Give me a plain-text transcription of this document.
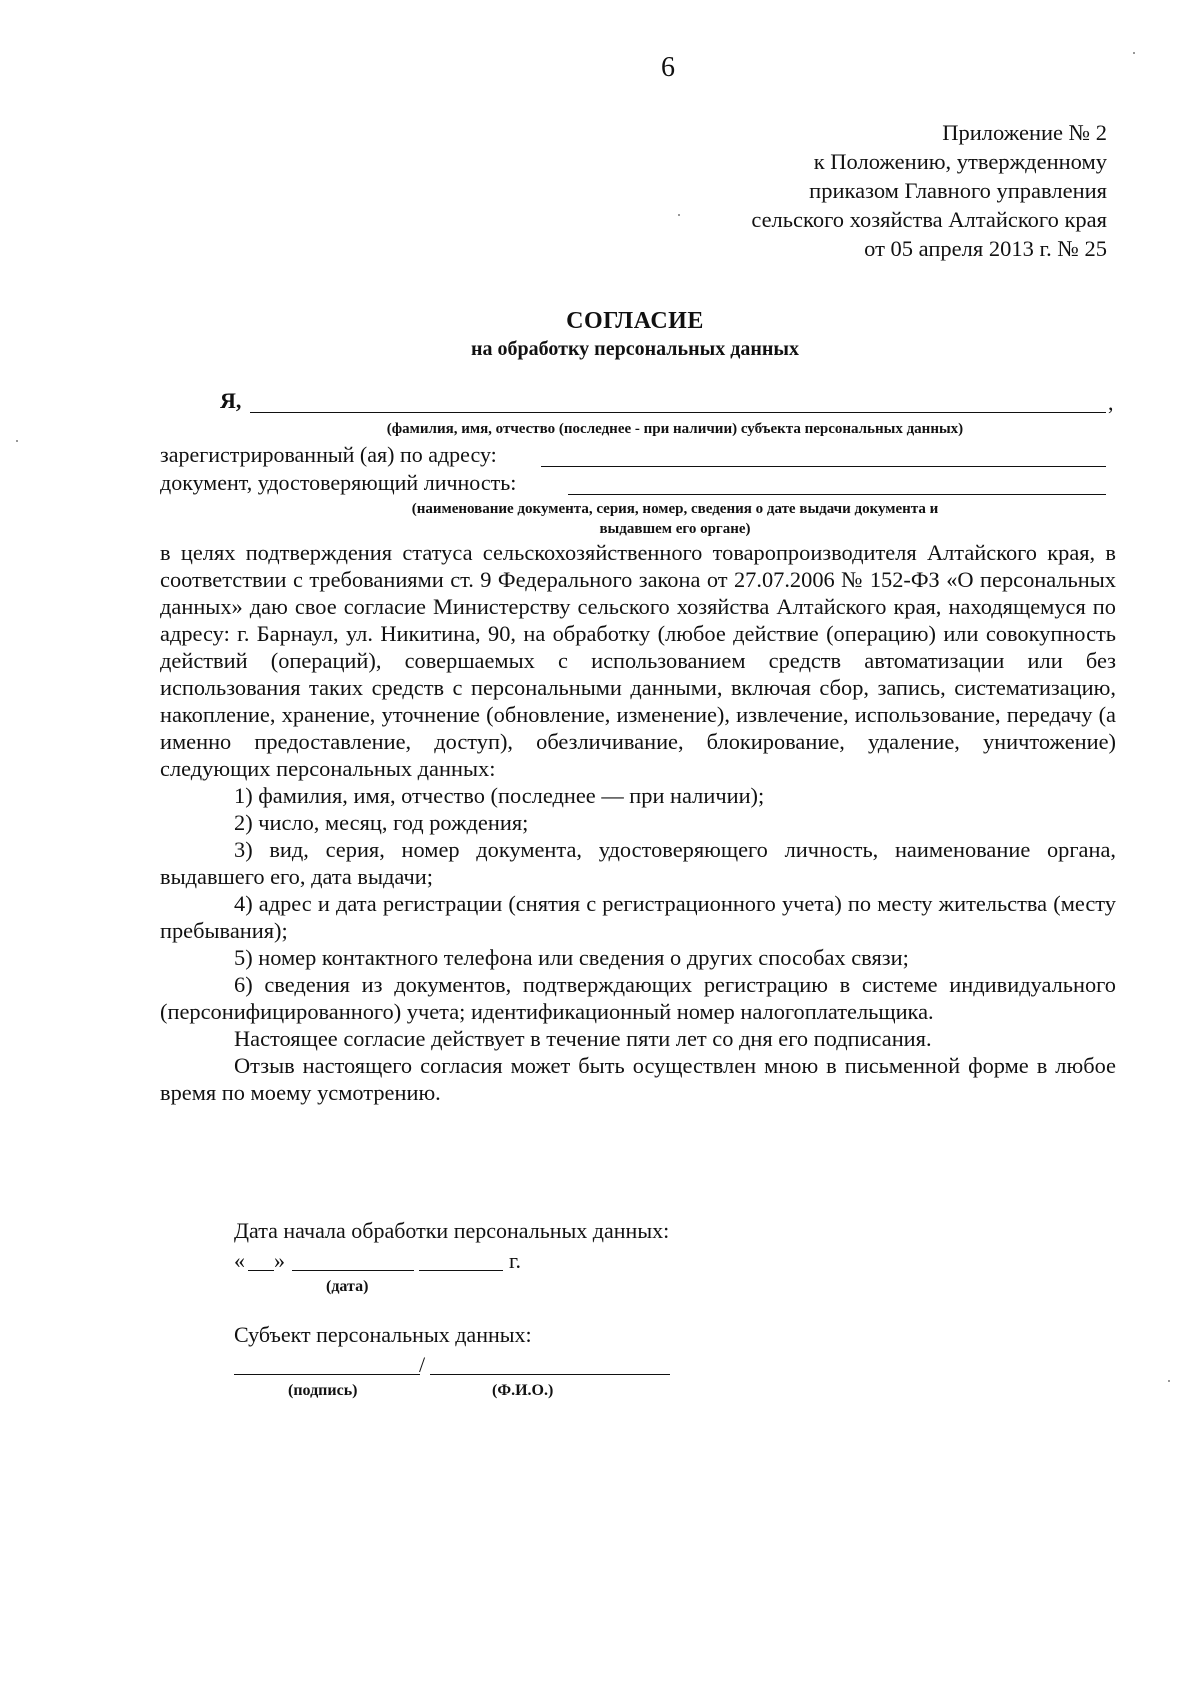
6
Приложение № 2
к Положению, утвержденному
приказом Главного управления
сельского хозяйства Алтайского края
от 05 апреля 2013 г. № 25
СОГЛАСИЕ
на обработку персональных данных
Я,	,
(фамилия, имя, отчество (последнее - при наличии) субъекта персональных данных)
зарегистрированный (ая) по адресу:
документ, удостоверяющий личность:
(наименование документа, серия, номер, сведения о дате выдачи документа и
выдавшем его органе)

в целях подтверждения статуса сельскохозяйственного товаропроизводителя Алтайского края, в соответствии с требованиями ст. 9 Федерального закона от 27.07.2006 № 152-ФЗ «О персональных данных» даю свое согласие Министерству сельского хозяйства Алтайского края, находящемуся по адресу: г. Барнаул, ул. Никитина, 90, на обработку (любое действие (операцию) или совокупность действий (операций), совершаемых с использованием средств автоматизации или без использования таких средств с персональными данными, включая сбор, запись, систематизацию, накопление, хранение, уточнение (обновление, изменение), извлечение, использование, передачу (а именно предоставление, доступ), обезличивание, блокирование, удаление, уничтожение) следующих персональных данных:

1) фамилия, имя, отчество (последнее — при наличии);

2) число, месяц, год рождения;

3) вид, серия, номер документа, удостоверяющего личность, наименование органа, выдавшего его, дата выдачи;

4) адрес и дата регистрации (снятия с регистрационного учета) по месту жительства (месту пребывания);

5) номер контактного телефона или сведения о других способах связи;

6) сведения из документов, подтверждающих регистрацию в системе индивидуального (персонифицированного) учета; идентификационный номер налогоплательщика.

Настоящее согласие действует в течение пяти лет со дня его подписания.

Отзыв настоящего согласия может быть осуществлен мною в письменной форме в любое время по моему усмотрению.

Дата начала обработки персональных данных:
« »	г.
(дата)
Субъект персональных данных:
/
(подпись)	(Ф.И.О.)
